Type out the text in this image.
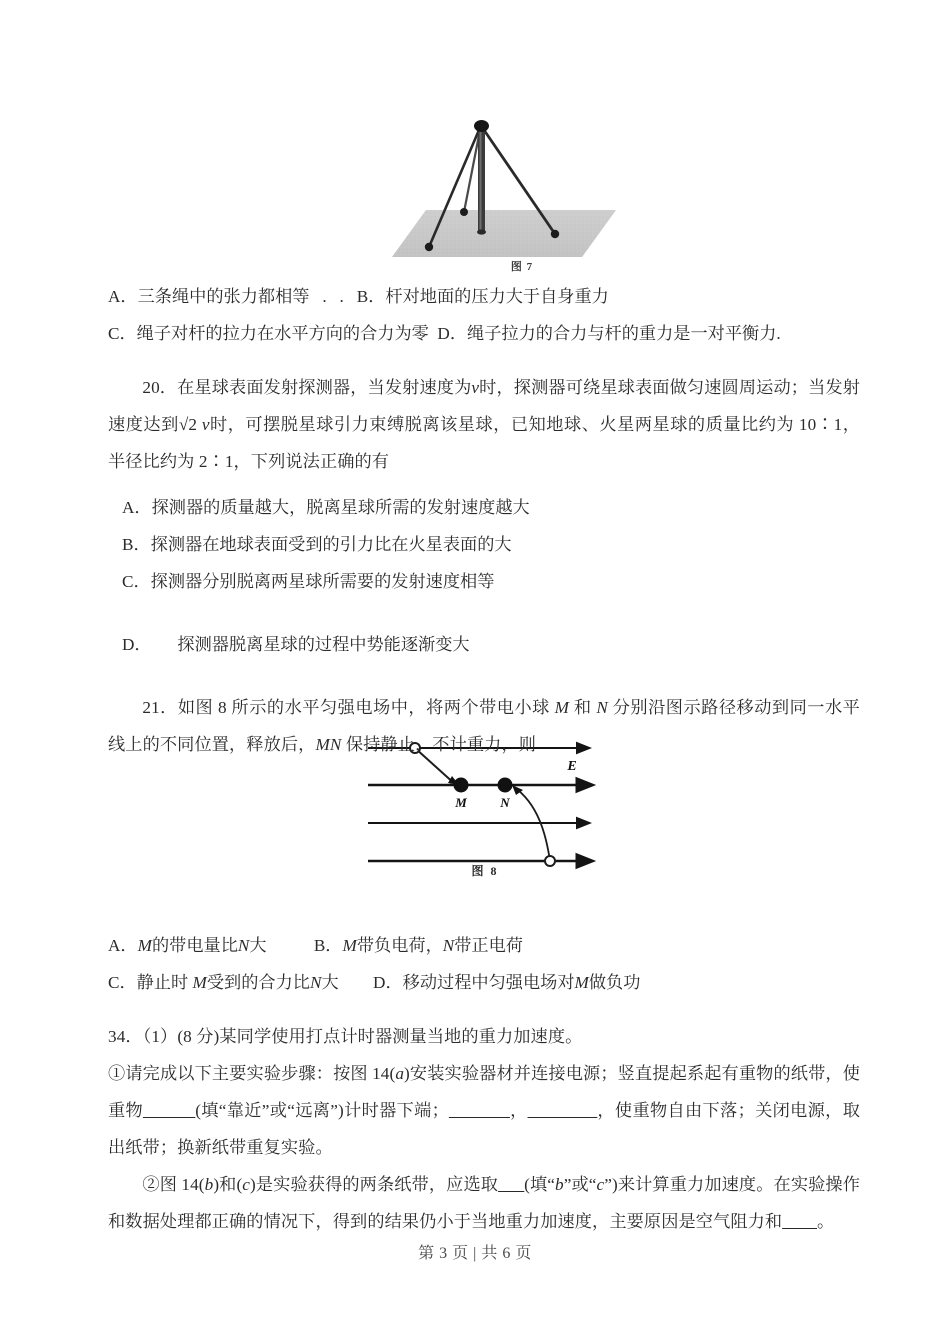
图 7
M	N
E
图 8
A．三条绳中的张力都相等   .   .   B．杆对地面的压力大于自身重力
C．绳子对杆的拉力在水平方向的合力为零  D．绳子拉力的合力与杆的重力是一对平衡力.
20．在星球表面发射探测器，当发射速度为v时，探测器可绕星球表面做匀速圆周运动；当发射速度达到√2 v时，可摆脱星球引力束缚脱离该星球，已知地球、火星两星球的质量比约为 10∶1，半径比约为 2∶1，下列说法正确的有
A．探测器的质量越大，脱离星球所需的发射速度越大
B．探测器在地球表面受到的引力比在火星表面的大
C．探测器分别脱离两星球所需要的发射速度相等
D． 探测器脱离星球的过程中势能逐渐变大
21．如图 8 所示的水平匀强电场中，将两个带电小球 M 和 N 分别沿图示路径移动到同一水平线上的不同位置，释放后，MN 保持静止，不计重力，则
A．M的带电量比N大	B．M带负电荷，N带正电荷
C．静止时 M受到的合力比N大 D．移动过程中匀强电场对M做负功
34．（1）(8 分)某同学使用打点计时器测量当地的重力加速度。
①请完成以下主要实验步骤：按图 14(a)安装实验器材并连接电源；竖直提起系起有重物的纸带，使重物______(填“靠近”或“远离”)计时器下端；_______，________，使重物自由下落；关闭电源，取出纸带；换新纸带重复实验。
②图 14(b)和(c)是实验获得的两条纸带，应选取___(填“b”或“c”)来计算重力加速度。在实验操作和数据处理都正确的情况下，得到的结果仍小于当地重力加速度，主要原因是空气阻力和____。
第 3 页 | 共 6 页
